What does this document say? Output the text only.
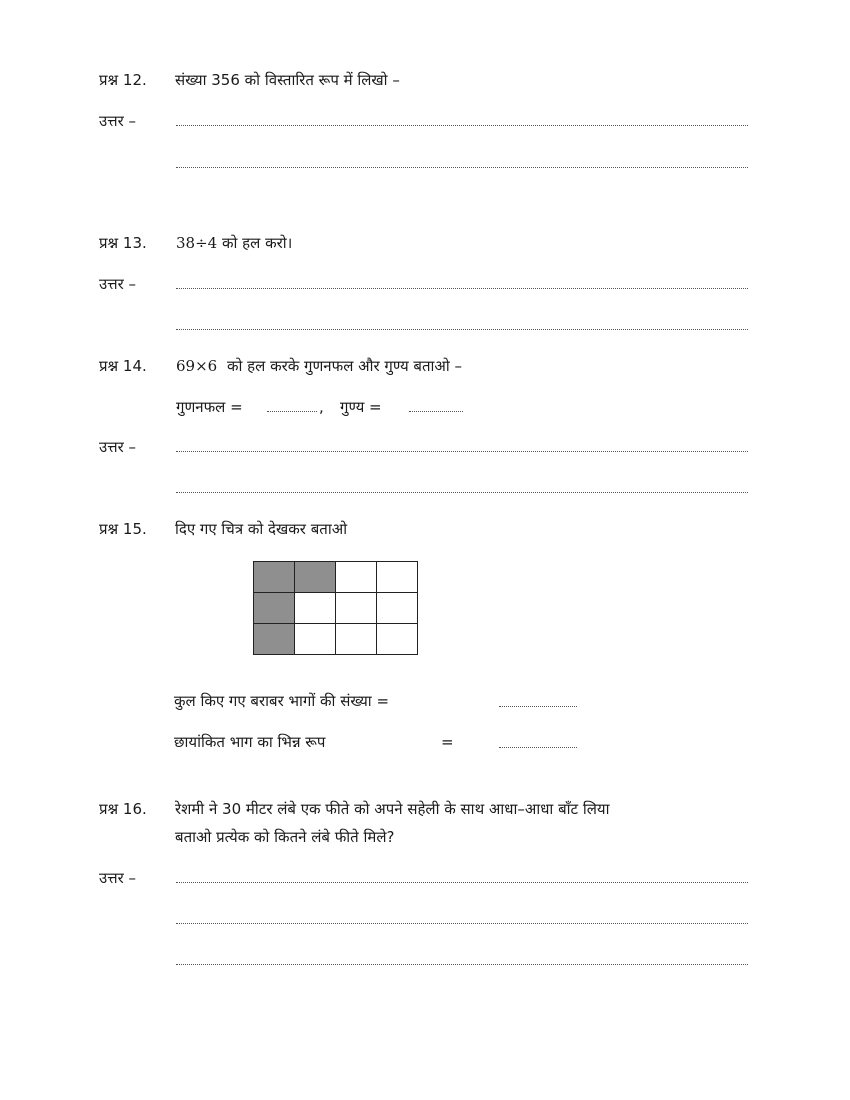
प्रश्न 12. संख्या 356 को विस्तारित रूप में लिखो –
उत्तर –
प्रश्न 13. 38÷4 को हल करो।
उत्तर –
प्रश्न 14. 69×6 को हल करके गुणनफल और गुण्य बताओ –
गुणनफल =	, गुण्य =
उत्तर –
प्रश्न 15. दिए गए चित्र को देखकर बताओ

कुल किए गए बराबर भागों की संख्या =
छायांकित भाग का भिन्न रूप	=
प्रश्न 16. रेशमी ने 30 मीटर लंबे एक फीते को अपने सहेली के साथ आधा–आधा बाँट लिया
बताओ प्रत्येक को कितने लंबे फीते मिले?
उत्तर –
